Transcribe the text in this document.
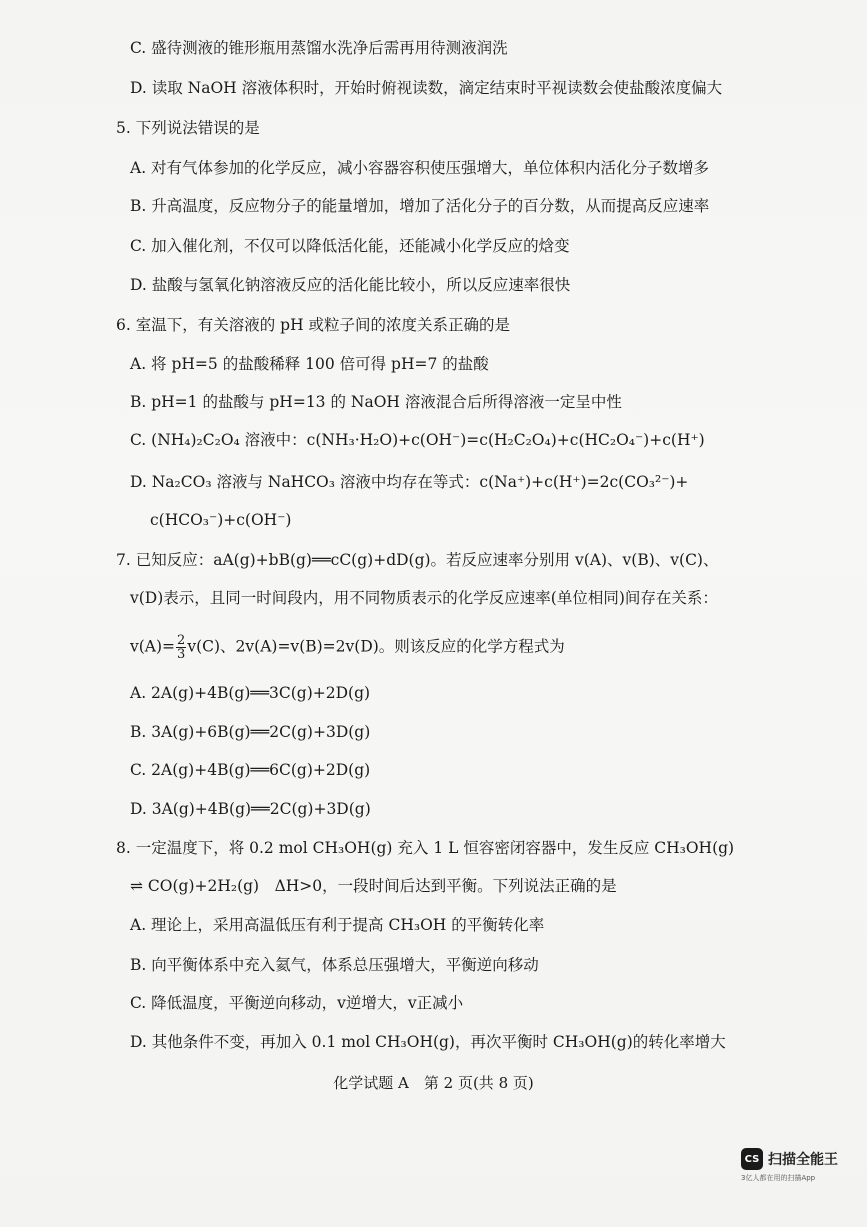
C. 盛待测液的锥形瓶用蒸馏水洗净后需再用待测液润洗
D. 读取 NaOH 溶液体积时，开始时俯视读数，滴定结束时平视读数会使盐酸浓度偏大
5. 下列说法错误的是
A. 对有气体参加的化学反应，减小容器容积使压强增大，单位体积内活化分子数增多
B. 升高温度，反应物分子的能量增加，增加了活化分子的百分数，从而提高反应速率
C. 加入催化剂，不仅可以降低活化能，还能减小化学反应的焓变
D. 盐酸与氢氧化钠溶液反应的活化能比较小，所以反应速率很快
6. 室温下，有关溶液的 pH 或粒子间的浓度关系正确的是
A. 将 pH=5 的盐酸稀释 100 倍可得 pH=7 的盐酸
B. pH=1 的盐酸与 pH=13 的 NaOH 溶液混合后所得溶液一定呈中性
C. (NH₄)₂C₂O₄ 溶液中：c(NH₃·H₂O)+c(OH⁻)=c(H₂C₂O₄)+c(HC₂O₄⁻)+c(H⁺)
D. Na₂CO₃ 溶液与 NaHCO₃ 溶液中均存在等式：c(Na⁺)+c(H⁺)=2c(CO₃²⁻)+
c(HCO₃⁻)+c(OH⁻)
7. 已知反应：aA(g)+bB(g)══cC(g)+dD(g)。若反应速率分别用 v(A)、v(B)、v(C)、
v(D)表示，且同一时间段内，用不同物质表示的化学反应速率(单位相同)间存在关系：
$v(A)= \frac{2}{3} v(C)$、2v(A)=v(B)=2v(D)。则该反应的化学方程式为
A. 2A(g)+4B(g)══3C(g)+2D(g)
B. 3A(g)+6B(g)══2C(g)+3D(g)
C. 2A(g)+4B(g)══6C(g)+2D(g)
D. 3A(g)+4B(g)══2C(g)+3D(g)
8. 一定温度下，将 0.2 mol CH₃OH(g) 充入 1 L 恒容密闭容器中，发生反应 CH₃OH(g)
⇌ CO(g)+2H₂(g)　ΔH>0，一段时间后达到平衡。下列说法正确的是
A. 理论上，采用高温低压有利于提高 CH₃OH 的平衡转化率
B. 向平衡体系中充入氦气，体系总压强增大，平衡逆向移动
C. 降低温度，平衡逆向移动，v逆增大，v正减小
D. 其他条件不变，再加入 0.1 mol CH₃OH(g)，再次平衡时 CH₃OH(g)的转化率增大
化学试题 A　第 2 页(共 8 页)
CS 扫描全能王
3亿人都在用的扫描App
